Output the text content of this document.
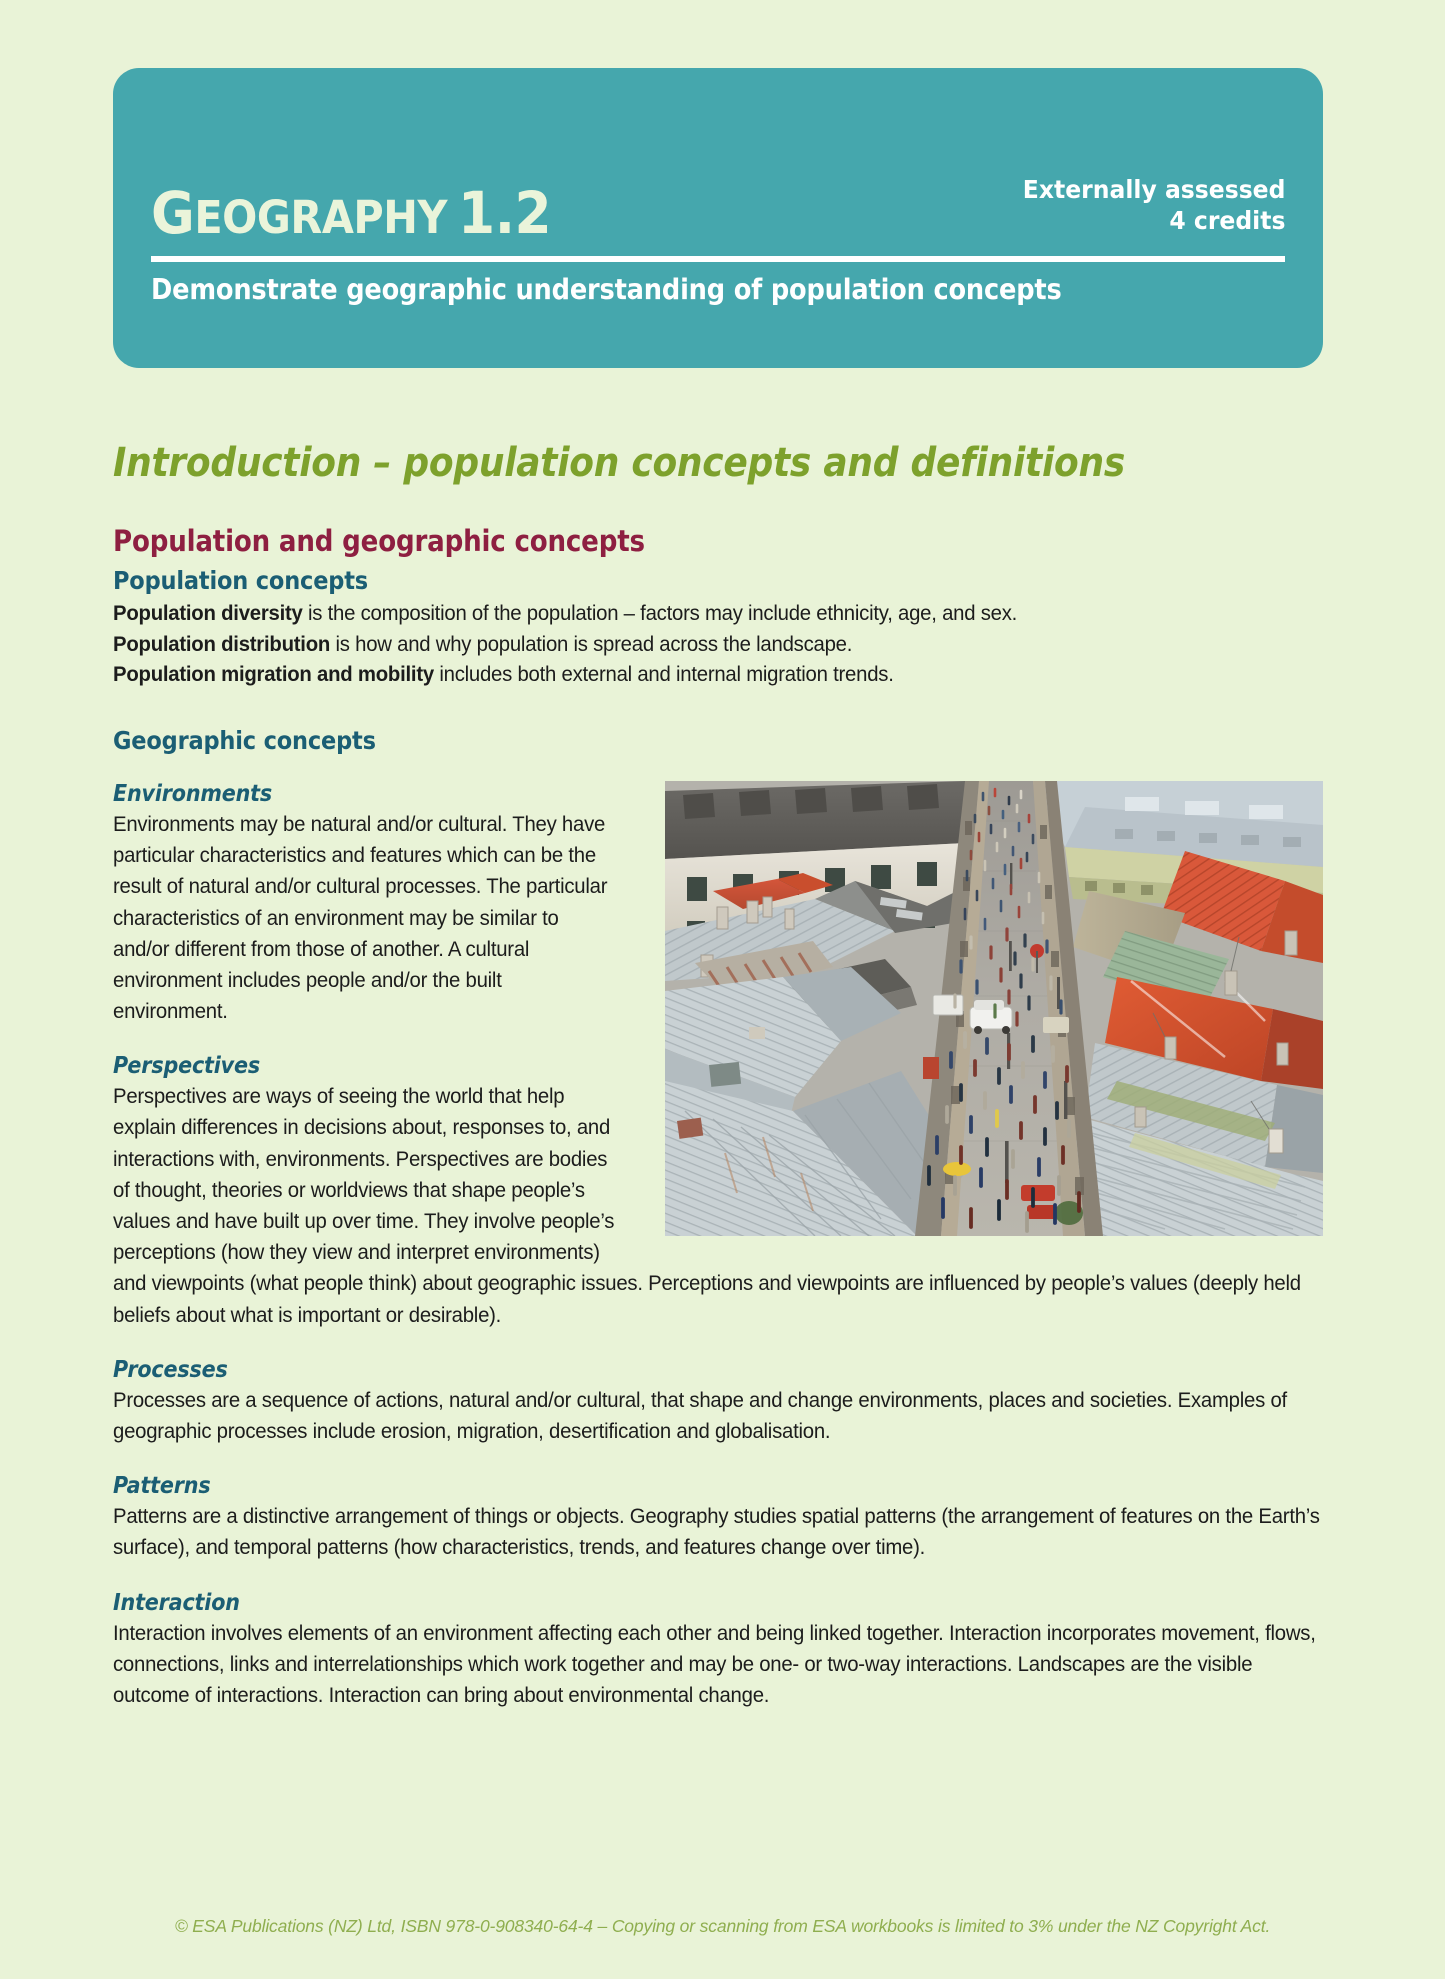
GEOGRAPHY 1.2	Externally assessed
4 credits
Demonstrate geographic understanding of population concepts
Introduction – population concepts and definitions
Population and geographic concepts
Population concepts

Population diversity is the composition of the population – factors may include ethnicity, age, and sex.

Population distribution is how and why population is spread across the landscape.

Population migration and mobility includes both external and internal migration trends.

Geographic concepts
Environments

Environments may be natural and/or cultural. They have particular characteristics and features which can be the result of natural and/or cultural processes. The particular characteristics of an environment may be similar to and/or different from those of another. A cultural environment includes people and/or the built environment.

Perspectives

Perspectives are ways of seeing the world that help explain differences in decisions about, responses to, and interactions with, environments. Perspectives are bodies of thought, theories or worldviews that shape people’s values and have built up over time. They involve people’s perceptions (how they view and interpret environments) and viewpoints (what people think) about geographic issues. Perceptions and viewpoints are influenced by people’s values (deeply held beliefs about what is important or desirable).

Processes

Processes are a sequence of actions, natural and/or cultural, that shape and change environments, places and societies. Examples of geographic processes include erosion, migration, desertification and globalisation.

Patterns

Patterns are a distinctive arrangement of things or objects. Geography studies spatial patterns (the arrangement of features on the Earth’s surface), and temporal patterns (how characteristics, trends, and features change over time).

Interaction

Interaction involves elements of an environment affecting each other and being linked together. Interaction incorporates movement, flows, connections, links and interrelationships which work together and may be one- or two-way interactions. Landscapes are the visible outcome of interactions. Interaction can bring about environmental change.

© ESA Publications (NZ) Ltd, ISBN 978-0-908340-64-4 – Copying or scanning from ESA workbooks is limited to 3% under the NZ Copyright Act.
